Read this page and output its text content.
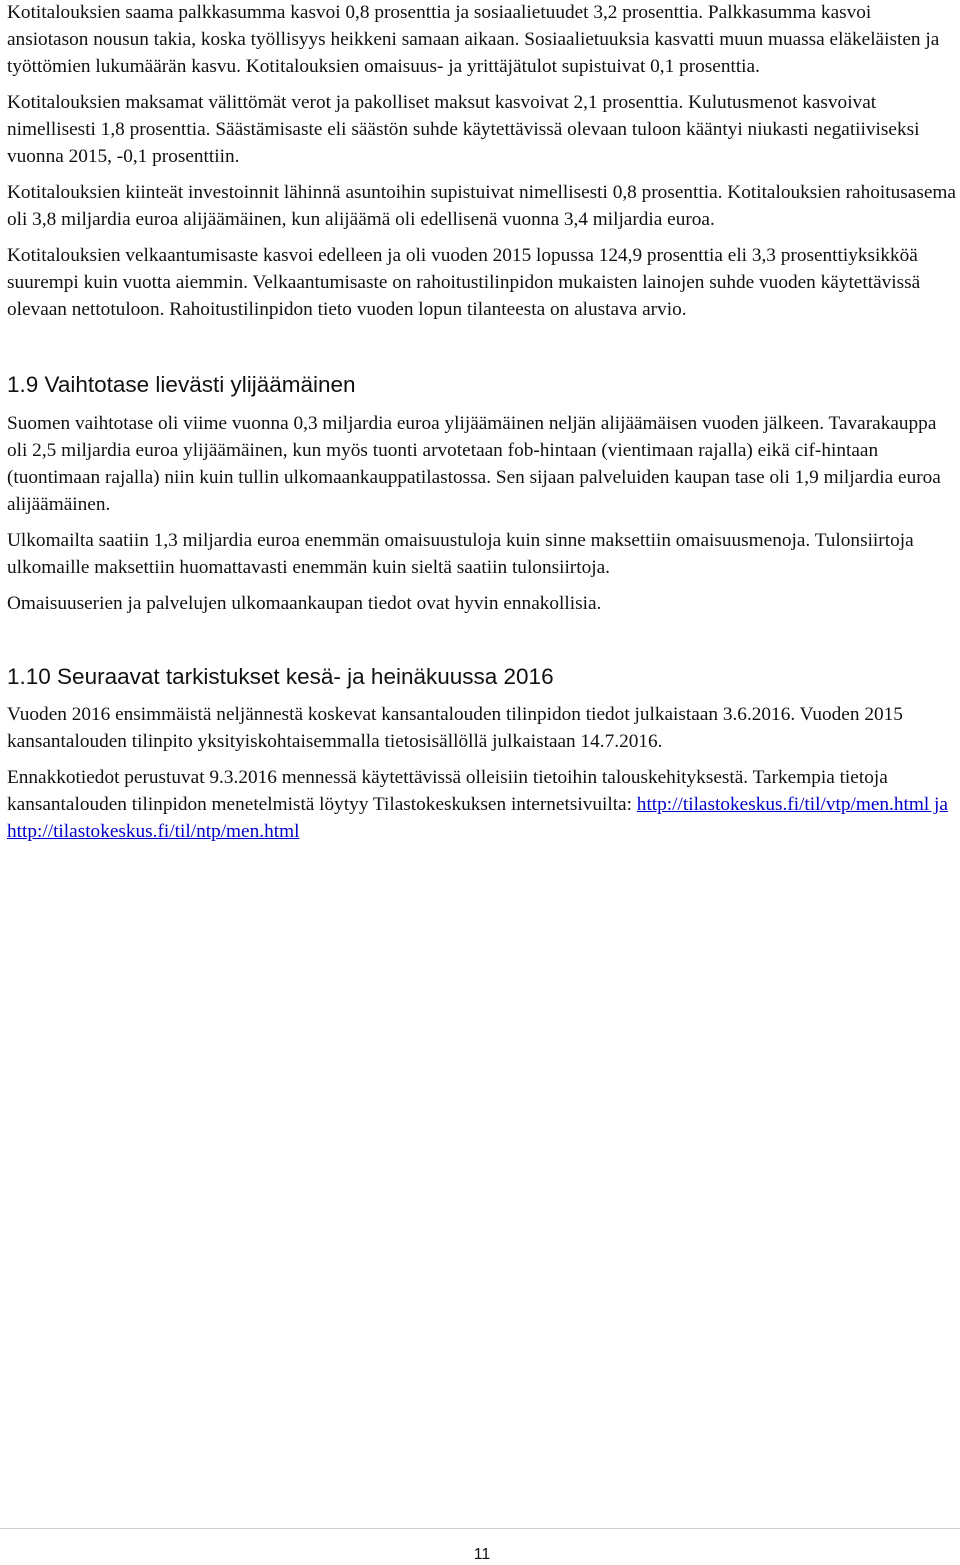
Kotitalouksien saama palkkasumma kasvoi 0,8 prosenttia ja sosiaalietuudet 3,2 prosenttia. Palkkasumma kasvoi ansiotason nousun takia, koska työllisyys heikkeni samaan aikaan. Sosiaalietuuksia kasvatti muun muassa eläkeläisten ja työttömien lukumäärän kasvu. Kotitalouksien omaisuus- ja yrittäjätulot supistuivat 0,1 prosenttia.

Kotitalouksien maksamat välittömät verot ja pakolliset maksut kasvoivat 2,1 prosenttia. Kulutusmenot kasvoivat nimellisesti 1,8 prosenttia. Säästämisaste eli säästön suhde käytettävissä olevaan tuloon kääntyi niukasti negatiiviseksi vuonna 2015, -0,1 prosenttiin.

Kotitalouksien kiinteät investoinnit lähinnä asuntoihin supistuivat nimellisesti 0,8 prosenttia. Kotitalouksien rahoitusasema oli 3,8 miljardia euroa alijäämäinen, kun alijäämä oli edellisenä vuonna 3,4 miljardia euroa.

Kotitalouksien velkaantumisaste kasvoi edelleen ja oli vuoden 2015 lopussa 124,9 prosenttia eli 3,3 prosenttiyksikköä suurempi kuin vuotta aiemmin. Velkaantumisaste on rahoitustilinpidon mukaisten lainojen suhde vuoden käytettävissä olevaan nettotuloon. Rahoitustilinpidon tieto vuoden lopun tilanteesta on alustava arvio.

1.9 Vaihtotase lievästi ylijäämäinen

Suomen vaihtotase oli viime vuonna 0,3 miljardia euroa ylijäämäinen neljän alijäämäisen vuoden jälkeen. Tavarakauppa oli 2,5 miljardia euroa ylijäämäinen, kun myös tuonti arvotetaan fob-hintaan (vientimaan rajalla) eikä cif-hintaan (tuontimaan rajalla) niin kuin tullin ulkomaankauppatilastossa. Sen sijaan palveluiden kaupan tase oli 1,9 miljardia euroa alijäämäinen.

Ulkomailta saatiin 1,3 miljardia euroa enemmän omaisuustuloja kuin sinne maksettiin omaisuusmenoja. Tulonsiirtoja ulkomaille maksettiin huomattavasti enemmän kuin sieltä saatiin tulonsiirtoja.

Omaisuuserien ja palvelujen ulkomaankaupan tiedot ovat hyvin ennakollisia.

1.10 Seuraavat tarkistukset kesä- ja heinäkuussa 2016

Vuoden 2016 ensimmäistä neljännestä koskevat kansantalouden tilinpidon tiedot julkaistaan 3.6.2016. Vuoden 2015 kansantalouden tilinpito yksityiskohtaisemmalla tietosisällöllä julkaistaan 14.7.2016.

Ennakkotiedot perustuvat 9.3.2016 mennessä käytettävissä olleisiin tietoihin talouskehityksestä. Tarkempia tietoja kansantalouden tilinpidon menetelmistä löytyy Tilastokeskuksen internetsivuilta: http://tilastokeskus.fi/til/vtp/men.html ja http://tilastokeskus.fi/til/ntp/men.html

11
